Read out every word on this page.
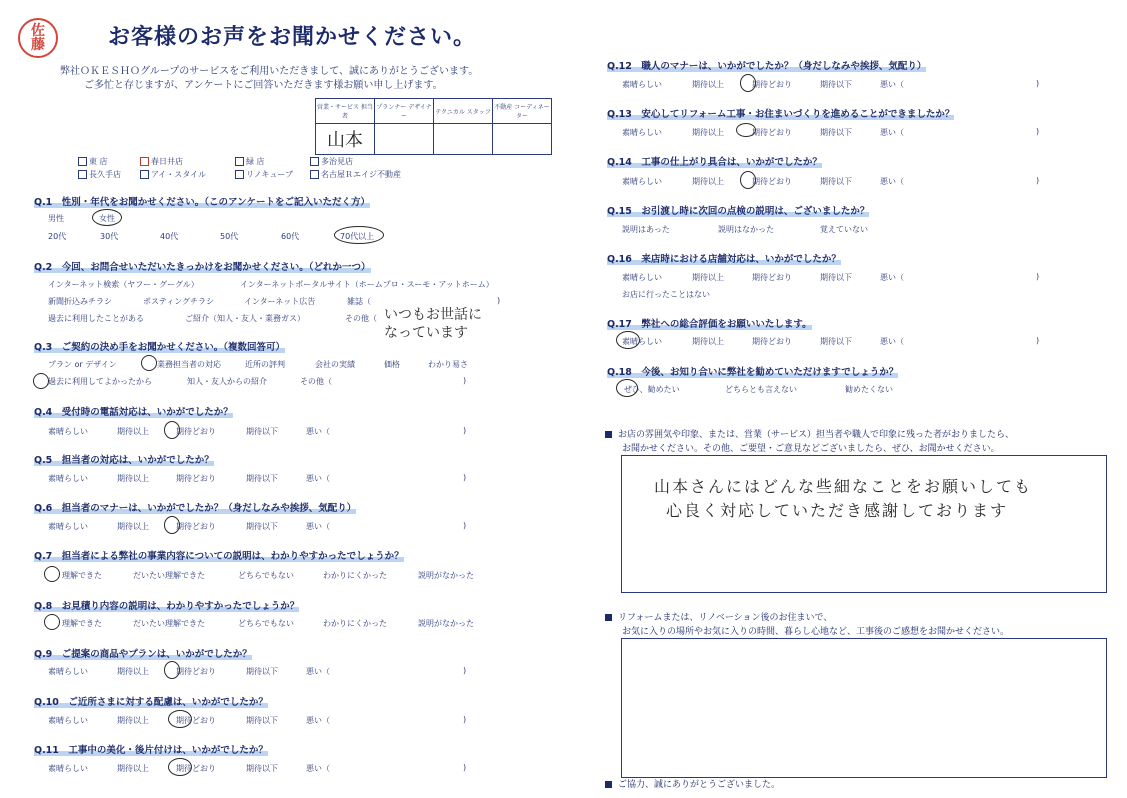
佐
藤	お客様のお声をお聞かせください。
弊社ＯＫＥＳＨＯグループのサービスをご利用いただきまして、誠にありがとうございます。
ご多忙と存じますが、アンケートにご回答いただきます様お願い申し上げます。
営業・サービス 担当者	プランナー デザイナー	テクニカル スタッフ	不動産 コーディネーター
山本			
東 店	春日井店	緑 店	多治見店
長久手店	アイ・スタイル	リノキューブ	名古屋Ｒエイジ不動産
Q.1　性別・年代をお聞かせください。（このアンケートをご記入いただく方）
男性	女性
20代	30代	40代	50代	60代	70代以上
Q.2　今回、お問合せいただいたきっかけをお聞かせください。（どれか一つ）
インターネット検索（ヤフー・グーグル）	インターネットポータルサイト（ホームプロ・スーモ・アットホーム）
新聞折込みチラシ	ポスティングチラシ	インターネット広告	雑誌（	)
過去に利用したことがある	ご紹介（知人・友人・業務ガス）	その他（ いつもお世話に
なっています
Q.3　ご契約の決め手をお聞かせください。（複数回答可）
プラン or デザイン	業務担当者の対応	近所の評判	会社の実績	価格	わかり易さ
過去に利用してよかったから	知人・友人からの紹介	その他（	)
Q.4　受付時の電話対応は、いかがでしたか？
素晴らしい	期待以上	期待どおり	期待以下	悪い（	)
Q.5　担当者の対応は、いかがでしたか？
素晴らしい	期待以上	期待どおり	期待以下	悪い（	)
Q.6　担当者のマナーは、いかがでしたか？（身だしなみや挨拶、気配り）
素晴らしい	期待以上	期待どおり	期待以下	悪い（	)
Q.7　担当者による弊社の事業内容についての説明は、わかりやすかったでしょうか？
理解できた	だいたい理解できた	どちらでもない	わかりにくかった	説明がなかった
Q.8　お見積り内容の説明は、わかりやすかったでしょうか？
理解できた	だいたい理解できた	どちらでもない	わかりにくかった	説明がなかった
Q.9　ご提案の商品やプランは、いかがでしたか？
素晴らしい	期待以上	期待どおり	期待以下	悪い（	)
Q.10　ご近所さまに対する配慮は、いかがでしたか？
素晴らしい	期待以上	期待どおり	期待以下	悪い（	)
Q.11　工事中の美化・後片付けは、いかがでしたか？
素晴らしい	期待以上	期待どおり	期待以下	悪い（	)
Q.12　職人のマナーは、いかがでしたか？（身だしなみや挨拶、気配り）
素晴らしい	期待以上	期待どおり	期待以下	悪い（	)
Q.13　安心してリフォーム工事・お住まいづくりを進めることができましたか？
素晴らしい	期待以上	期待どおり	期待以下	悪い（	)
Q.14　工事の仕上がり具合は、いかがでしたか？
素晴らしい	期待以上	期待どおり	期待以下	悪い（	)
Q.15　お引渡し時に次回の点検の説明は、ございましたか？
説明はあった	説明はなかった	覚えていない
Q.16　来店時における店舗対応は、いかがでしたか？
素晴らしい	期待以上	期待どおり	期待以下	悪い（	)
お店に行ったことはない
Q.17　弊社への総合評価をお願いいたします。
素晴らしい	期待以上	期待どおり	期待以下	悪い（	)
Q.18　今後、お知り合いに弊社を勧めていただけますでしょうか？
ぜひ、勧めたい	どちらとも言えない	勧めたくない
お店の雰囲気や印象、または、営業（サービス）担当者や職人で印象に残った者がおりましたら、
お聞かせください。その他、ご要望・ご意見などございましたら、ぜひ、お聞かせください。
山本さんにはどんな些細なことをお願いしても
心良く対応していただき感謝しております
リフォームまたは、リノベーション後のお住まいで、
お気に入りの場所やお気に入りの時間、暮らし心地など、工事後のご感想をお聞かせください。
ご協力、誠にありがとうございました。
